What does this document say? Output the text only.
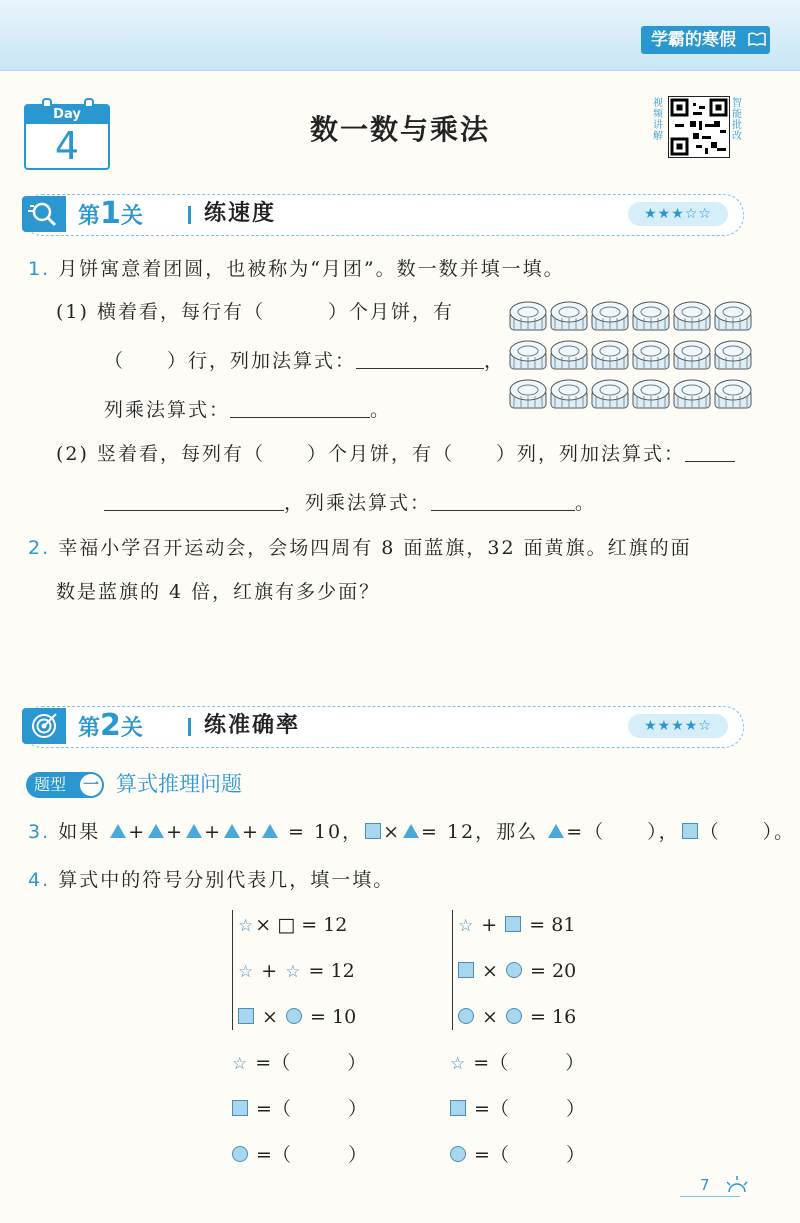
学霸的寒假
Day
4	数一数与乘法
视频讲解
智能批改
第1关	练速度	★★★☆☆
1. 月饼寓意着团圆，也被称为“月团”。数一数并填一填。
(1) 横着看，每行有（　　　）个月饼，有
（　　）行，列加法算式：	，
列乘法算式：	。
(2) 竖着看，每列有（　　）个月饼，有（　　）列，列加法算式：
，列乘法算式：	。
2. 幸福小学召开运动会，会场四周有 8 面蓝旗，32 面黄旗。红旗的面
数是蓝旗的 4 倍，红旗有多少面？
第2关	练准确率	★★★★☆
题型 一 算式推理问题
3. 如果 + + + + = 10， × = 12，那么 =（　　）， （　　）。
4. 算式中的符号分别代表几，填一填。
☆ × □ = 12
☆ + ☆ = 12
×  = 10
☆ +  = 81
×  = 20
×  = 16
☆ =（　　　）
=（　　　）
=（　　　）
☆ =（　　　）
=（　　　）
=（　　　）
7
